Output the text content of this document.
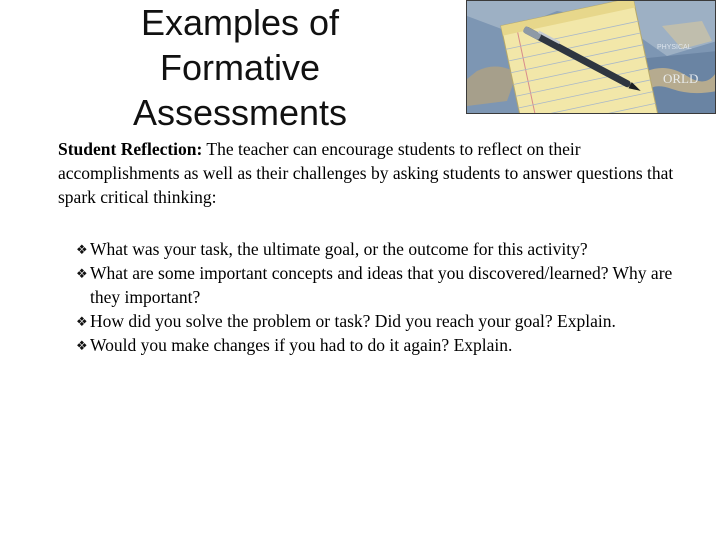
Examples of
Formative
Assessments
PHYSICAL
ORLD
Student Reflection: The teacher can encourage students to reflect on their accomplishments as well as their challenges by asking students to answer questions that spark critical thinking:
❖ What was your task, the ultimate goal, or the outcome for this activity?
❖ What are some important concepts and ideas that you discovered/learned? Why are they important?
❖ How did you solve the problem or task? Did you reach your goal? Explain.
❖ Would you make changes if you had to do it again? Explain.
